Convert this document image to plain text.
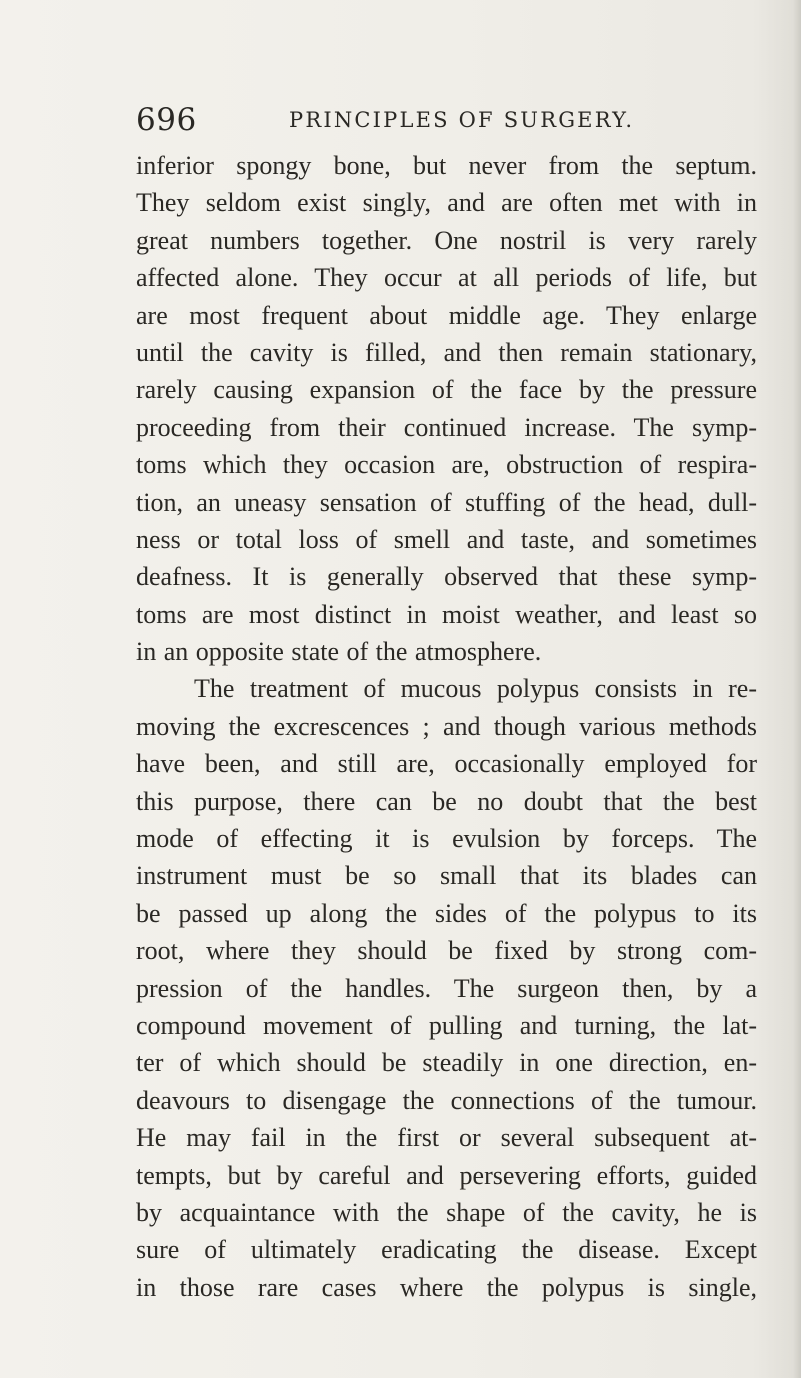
696	PRINCIPLES OF SURGERY.
inferior spongy bone, but never from the septum.
They seldom exist singly, and are often met with in
great numbers together. One nostril is very rarely
affected alone. They occur at all periods of life, but
are most frequent about middle age. They enlarge
until the cavity is filled, and then remain stationary,
rarely causing expansion of the face by the pressure
proceeding from their continued increase. The symp-
toms which they occasion are, obstruction of respira-
tion, an uneasy sensation of stuffing of the head, dull-
ness or total loss of smell and taste, and sometimes
deafness. It is generally observed that these symp-
toms are most distinct in moist weather, and least so
in an opposite state of the atmosphere.
The treatment of mucous polypus consists in re-
moving the excrescences ; and though various methods
have been, and still are, occasionally employed for
this purpose, there can be no doubt that the best
mode of effecting it is evulsion by forceps. The
instrument must be so small that its blades can
be passed up along the sides of the polypus to its
root, where they should be fixed by strong com-
pression of the handles. The surgeon then, by a
compound movement of pulling and turning, the lat-
ter of which should be steadily in one direction, en-
deavours to disengage the connections of the tumour.
He may fail in the first or several subsequent at-
tempts, but by careful and persevering efforts, guided
by acquaintance with the shape of the cavity, he is
sure of ultimately eradicating the disease. Except
in those rare cases where the polypus is single,
